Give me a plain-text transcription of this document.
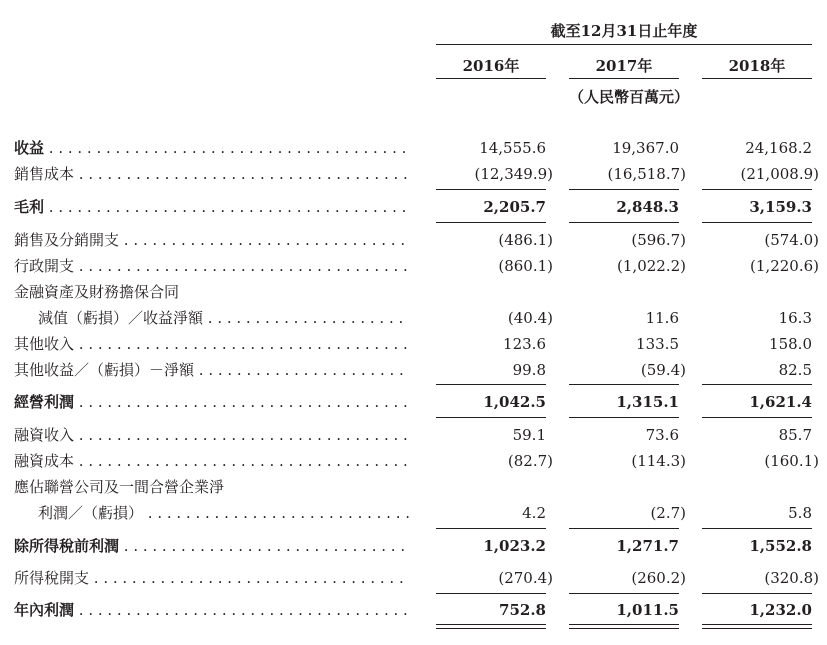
截至12月31日止年度
2016年	2017年	2018年
（人民幣百萬元）
收益 . . .	14,555.6	19,367.0	24,168.2
銷售成本 . . .	(12,349.9)	(16,518.7)	(21,008.9)
毛利 . . .	2,205.7	2,848.3	3,159.3
銷售及分銷開支 . . .	(486.1)	(596.7)	(574.0)
行政開支 . . .	(860.1)	(1,022.2)	(1,220.6)
金融資產及財務擔保合同
減值（虧損）／收益淨額 . . .	(40.4)	11.6	16.3
其他收入 . . .	123.6	133.5	158.0
其他收益／（虧損）－淨額 . . .	99.8	(59.4)	82.5
經營利潤 . . .	1,042.5	1,315.1	1,621.4
融資收入 . . .	59.1	73.6	85.7
融資成本 . . .	(82.7)	(114.3)	(160.1)
應佔聯營公司及一間合營企業淨
利潤／（虧損） . . .	4.2	(2.7)	5.8
除所得稅前利潤 . . .	1,023.2	1,271.7	1,552.8
所得稅開支 . . .	(270.4)	(260.2)	(320.8)
年內利潤 . . .	752.8	1,011.5	1,232.0
